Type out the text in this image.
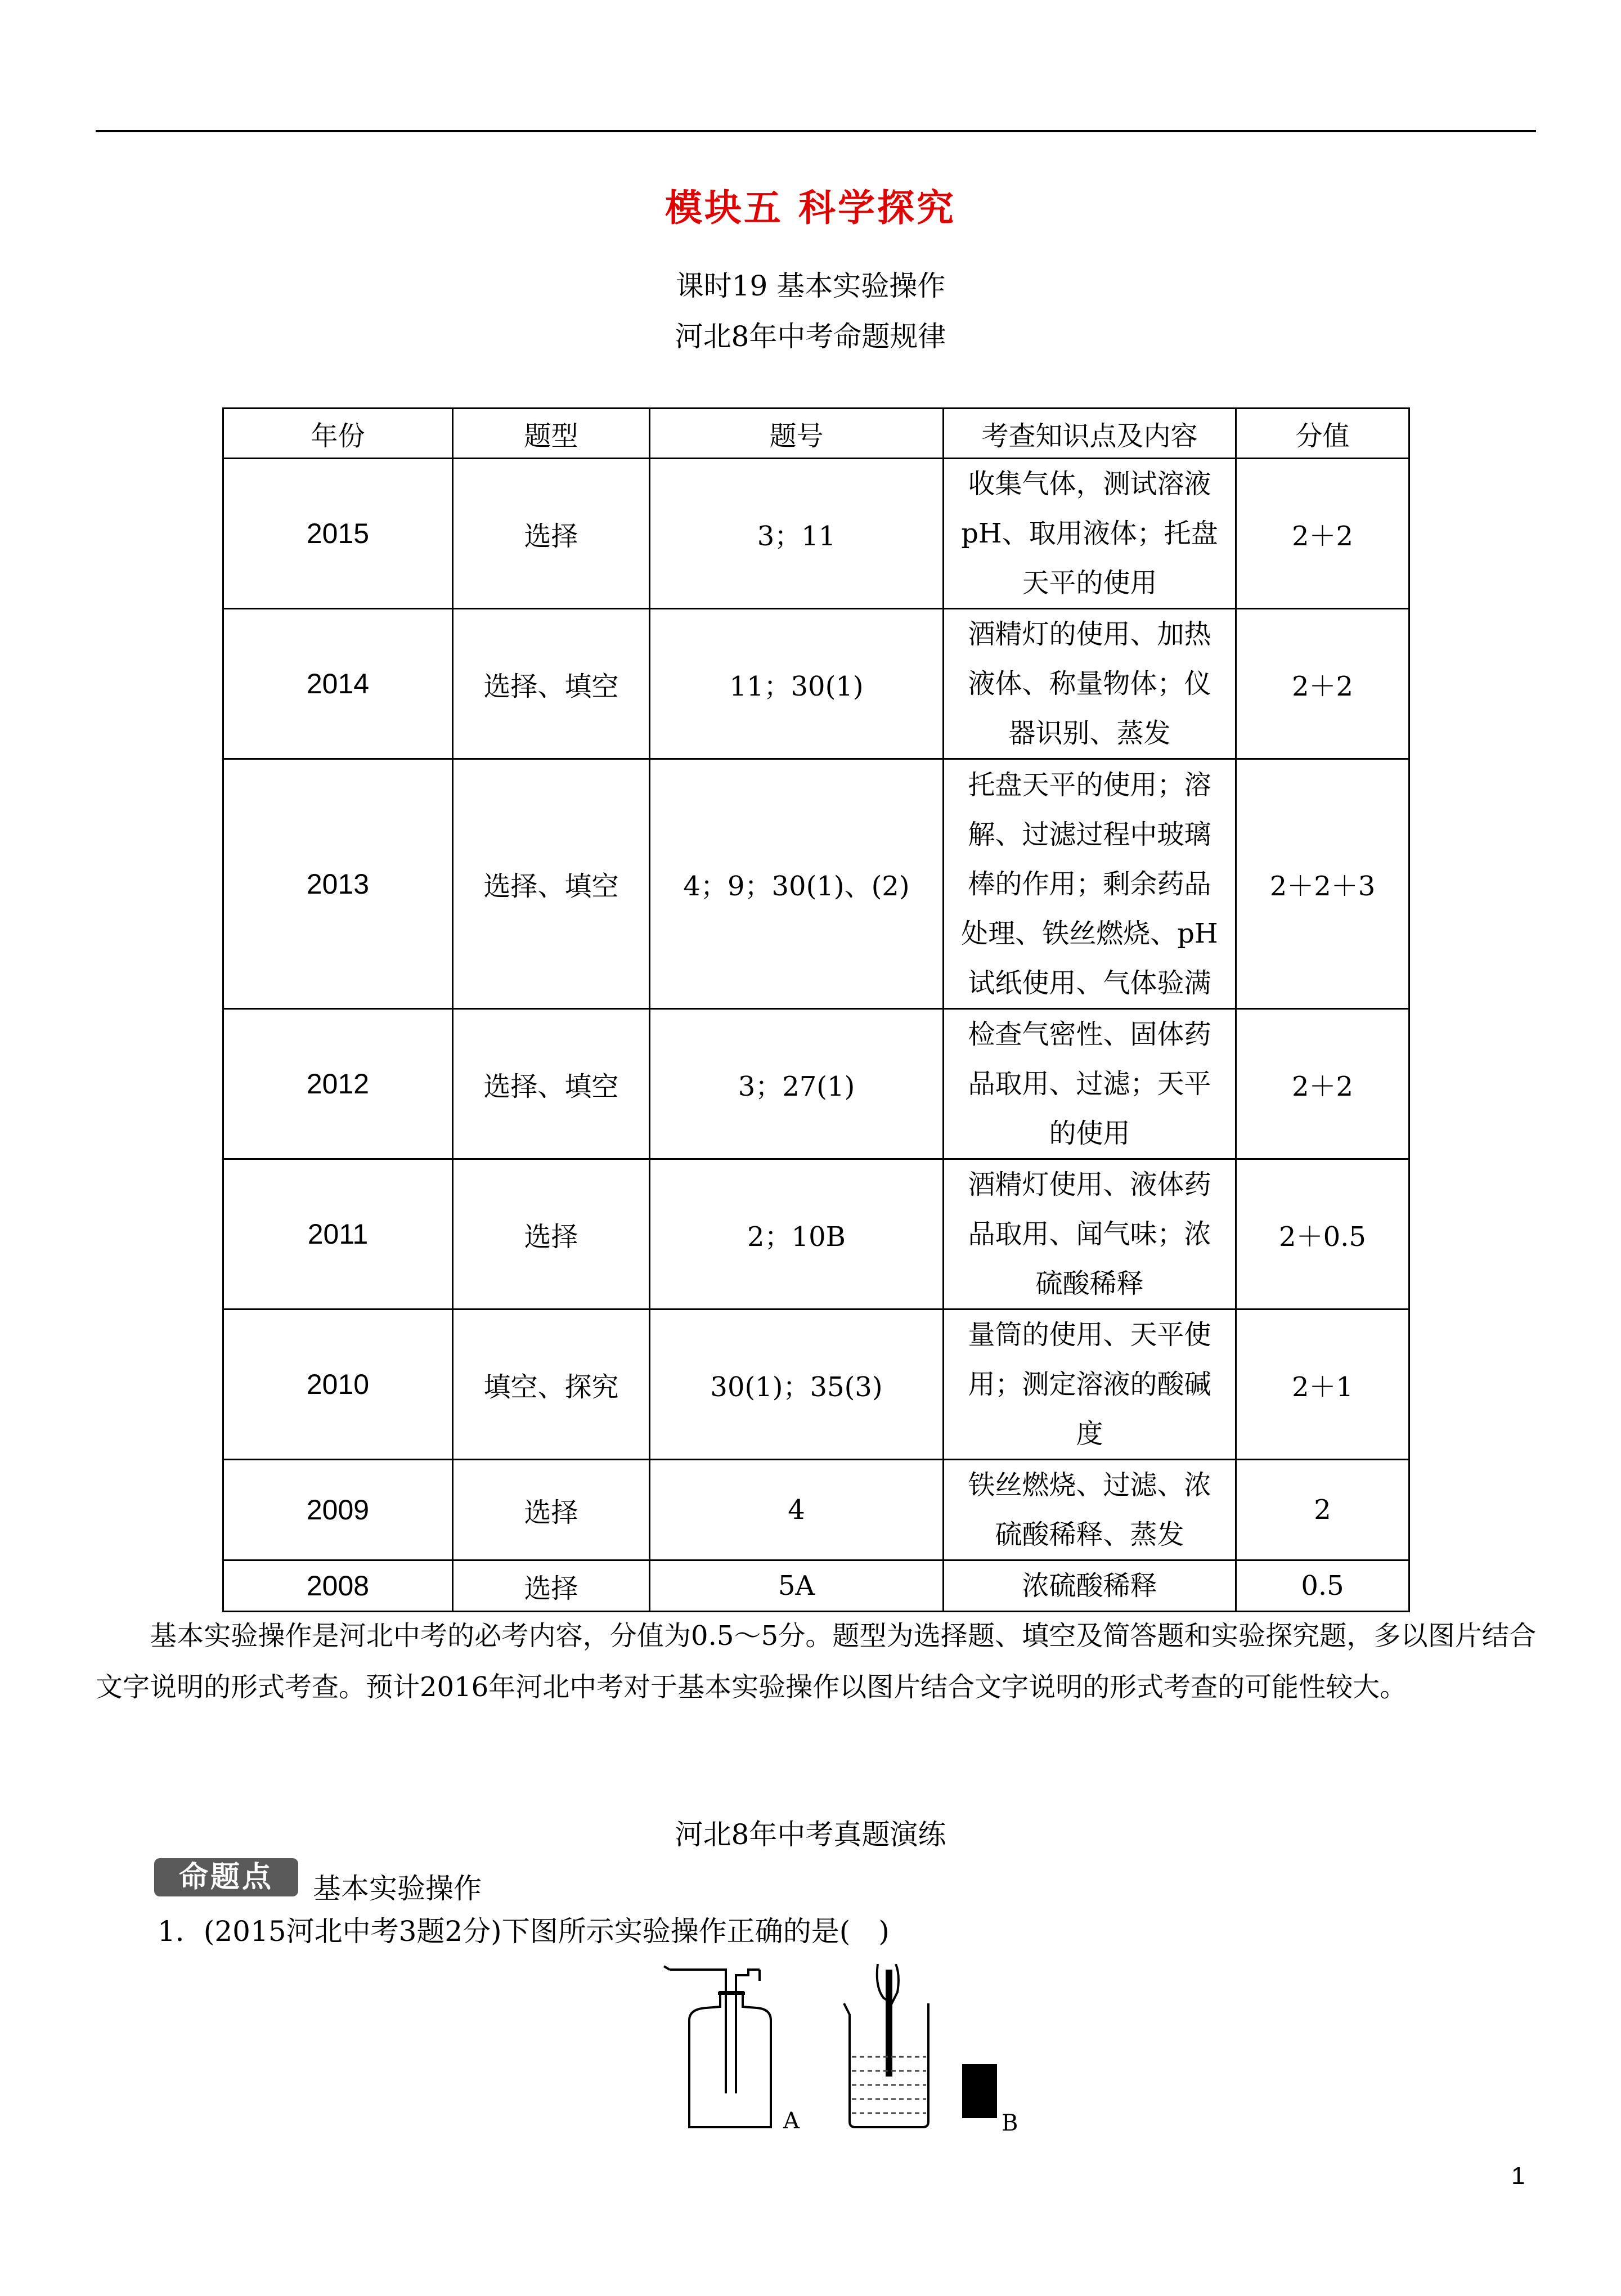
模块五 科学探究
课时19 基本实验操作
河北8年中考命题规律
年份	题型	题号	考查知识点及内容	分值
2015	选择	3；11	收集气体，测试溶液pH、取用液体；托盘天平的使用	2＋2
2014	选择、填空	11；30(1)	酒精灯的使用、加热液体、称量物体；仪器识别、蒸发	2＋2
2013	选择、填空	4；9；30(1)、(2)	托盘天平的使用；溶解、过滤过程中玻璃棒的作用；剩余药品处理、铁丝燃烧、pH试纸使用、气体验满	2＋2＋3
2012	选择、填空	3；27(1)	检查气密性、固体药品取用、过滤；天平的使用	2＋2
2011	选择	2；10B	酒精灯使用、液体药品取用、闻气味；浓硫酸稀释	2＋0.5
2010	填空、探究	30(1)；35(3)	量筒的使用、天平使用；测定溶液的酸碱度	2＋1
2009	选择	4	铁丝燃烧、过滤、浓硫酸稀释、蒸发	2
2008	选择	5A	浓硫酸稀释	0.5
基本实验操作是河北中考的必考内容，分值为0.5～5分。题型为选择题、填空及简答题和实验探究题，多以图片结合文字说明的形式考查。预计2016年河北中考对于基本实验操作以图片结合文字说明的形式考查的可能性较大。
河北8年中考真题演练
命题点	基本实验操作
1．(2015河北中考3题2分)下图所示实验操作正确的是(　)
A	B
1
